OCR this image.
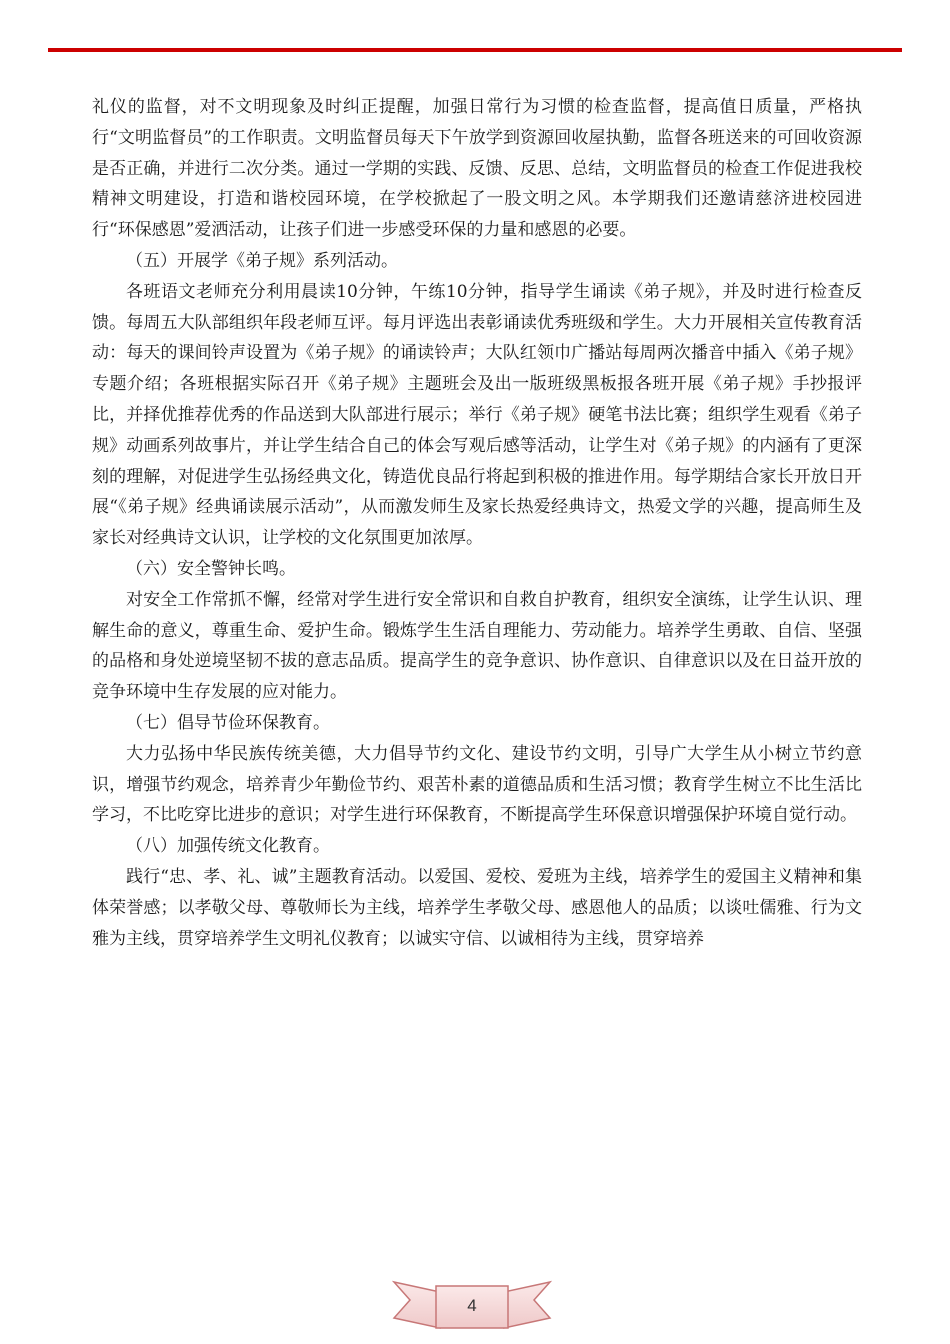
礼仪的监督，对不文明现象及时纠正提醒，加强日常行为习惯的检查监督，提高值日质量，严格执行“文明监督员”的工作职责。文明监督员每天下午放学到资源回收屋执勤，监督各班送来的可回收资源是否正确，并进行二次分类。通过一学期的实践、反馈、反思、总结，文明监督员的检查工作促进我校精神文明建设，打造和谐校园环境，在学校掀起了一股文明之风。本学期我们还邀请慈济进校园进行“环保感恩”爱洒活动，让孩子们进一步感受环保的力量和感恩的必要。

（五）开展学《弟子规》系列活动。

各班语文老师充分利用晨读10分钟，午练10分钟，指导学生诵读《弟子规》，并及时进行检查反馈。每周五大队部组织年段老师互评。每月评选出表彰诵读优秀班级和学生。大力开展相关宣传教育活动：每天的课间铃声设置为《弟子规》的诵读铃声；大队红领巾广播站每周两次播音中插入《弟子规》专题介绍；各班根据实际召开《弟子规》主题班会及出一版班级黑板报各班开展《弟子规》手抄报评比，并择优推荐优秀的作品送到大队部进行展示；举行《弟子规》硬笔书法比赛；组织学生观看《弟子规》动画系列故事片，并让学生结合自己的体会写观后感等活动，让学生对《弟子规》的内涵有了更深刻的理解，对促进学生弘扬经典文化，铸造优良品行将起到积极的推进作用。每学期结合家长开放日开展“《弟子规》经典诵读展示活动”，从而激发师生及家长热爱经典诗文，热爱文学的兴趣，提高师生及家长对经典诗文认识，让学校的文化氛围更加浓厚。

（六）安全警钟长鸣。

对安全工作常抓不懈，经常对学生进行安全常识和自救自护教育，组织安全演练，让学生认识、理解生命的意义，尊重生命、爱护生命。锻炼学生生活自理能力、劳动能力。培养学生勇敢、自信、坚强的品格和身处逆境坚韧不拔的意志品质。提高学生的竞争意识、协作意识、自律意识以及在日益开放的竞争环境中生存发展的应对能力。

（七）倡导节俭环保教育。

大力弘扬中华民族传统美德，大力倡导节约文化、建设节约文明，引导广大学生从小树立节约意识，增强节约观念，培养青少年勤俭节约、艰苦朴素的道德品质和生活习惯；教育学生树立不比生活比学习，不比吃穿比进步的意识；对学生进行环保教育，不断提高学生环保意识增强保护环境自觉行动。

（八）加强传统文化教育。

践行“忠、孝、礼、诚”主题教育活动。以爱国、爱校、爱班为主线，培养学生的爱国主义精神和集体荣誉感；以孝敬父母、尊敬师长为主线，培养学生孝敬父母、感恩他人的品质；以谈吐儒雅、行为文雅为主线，贯穿培养学生文明礼仪教育；以诚实守信、以诚相待为主线，贯穿培养

4
